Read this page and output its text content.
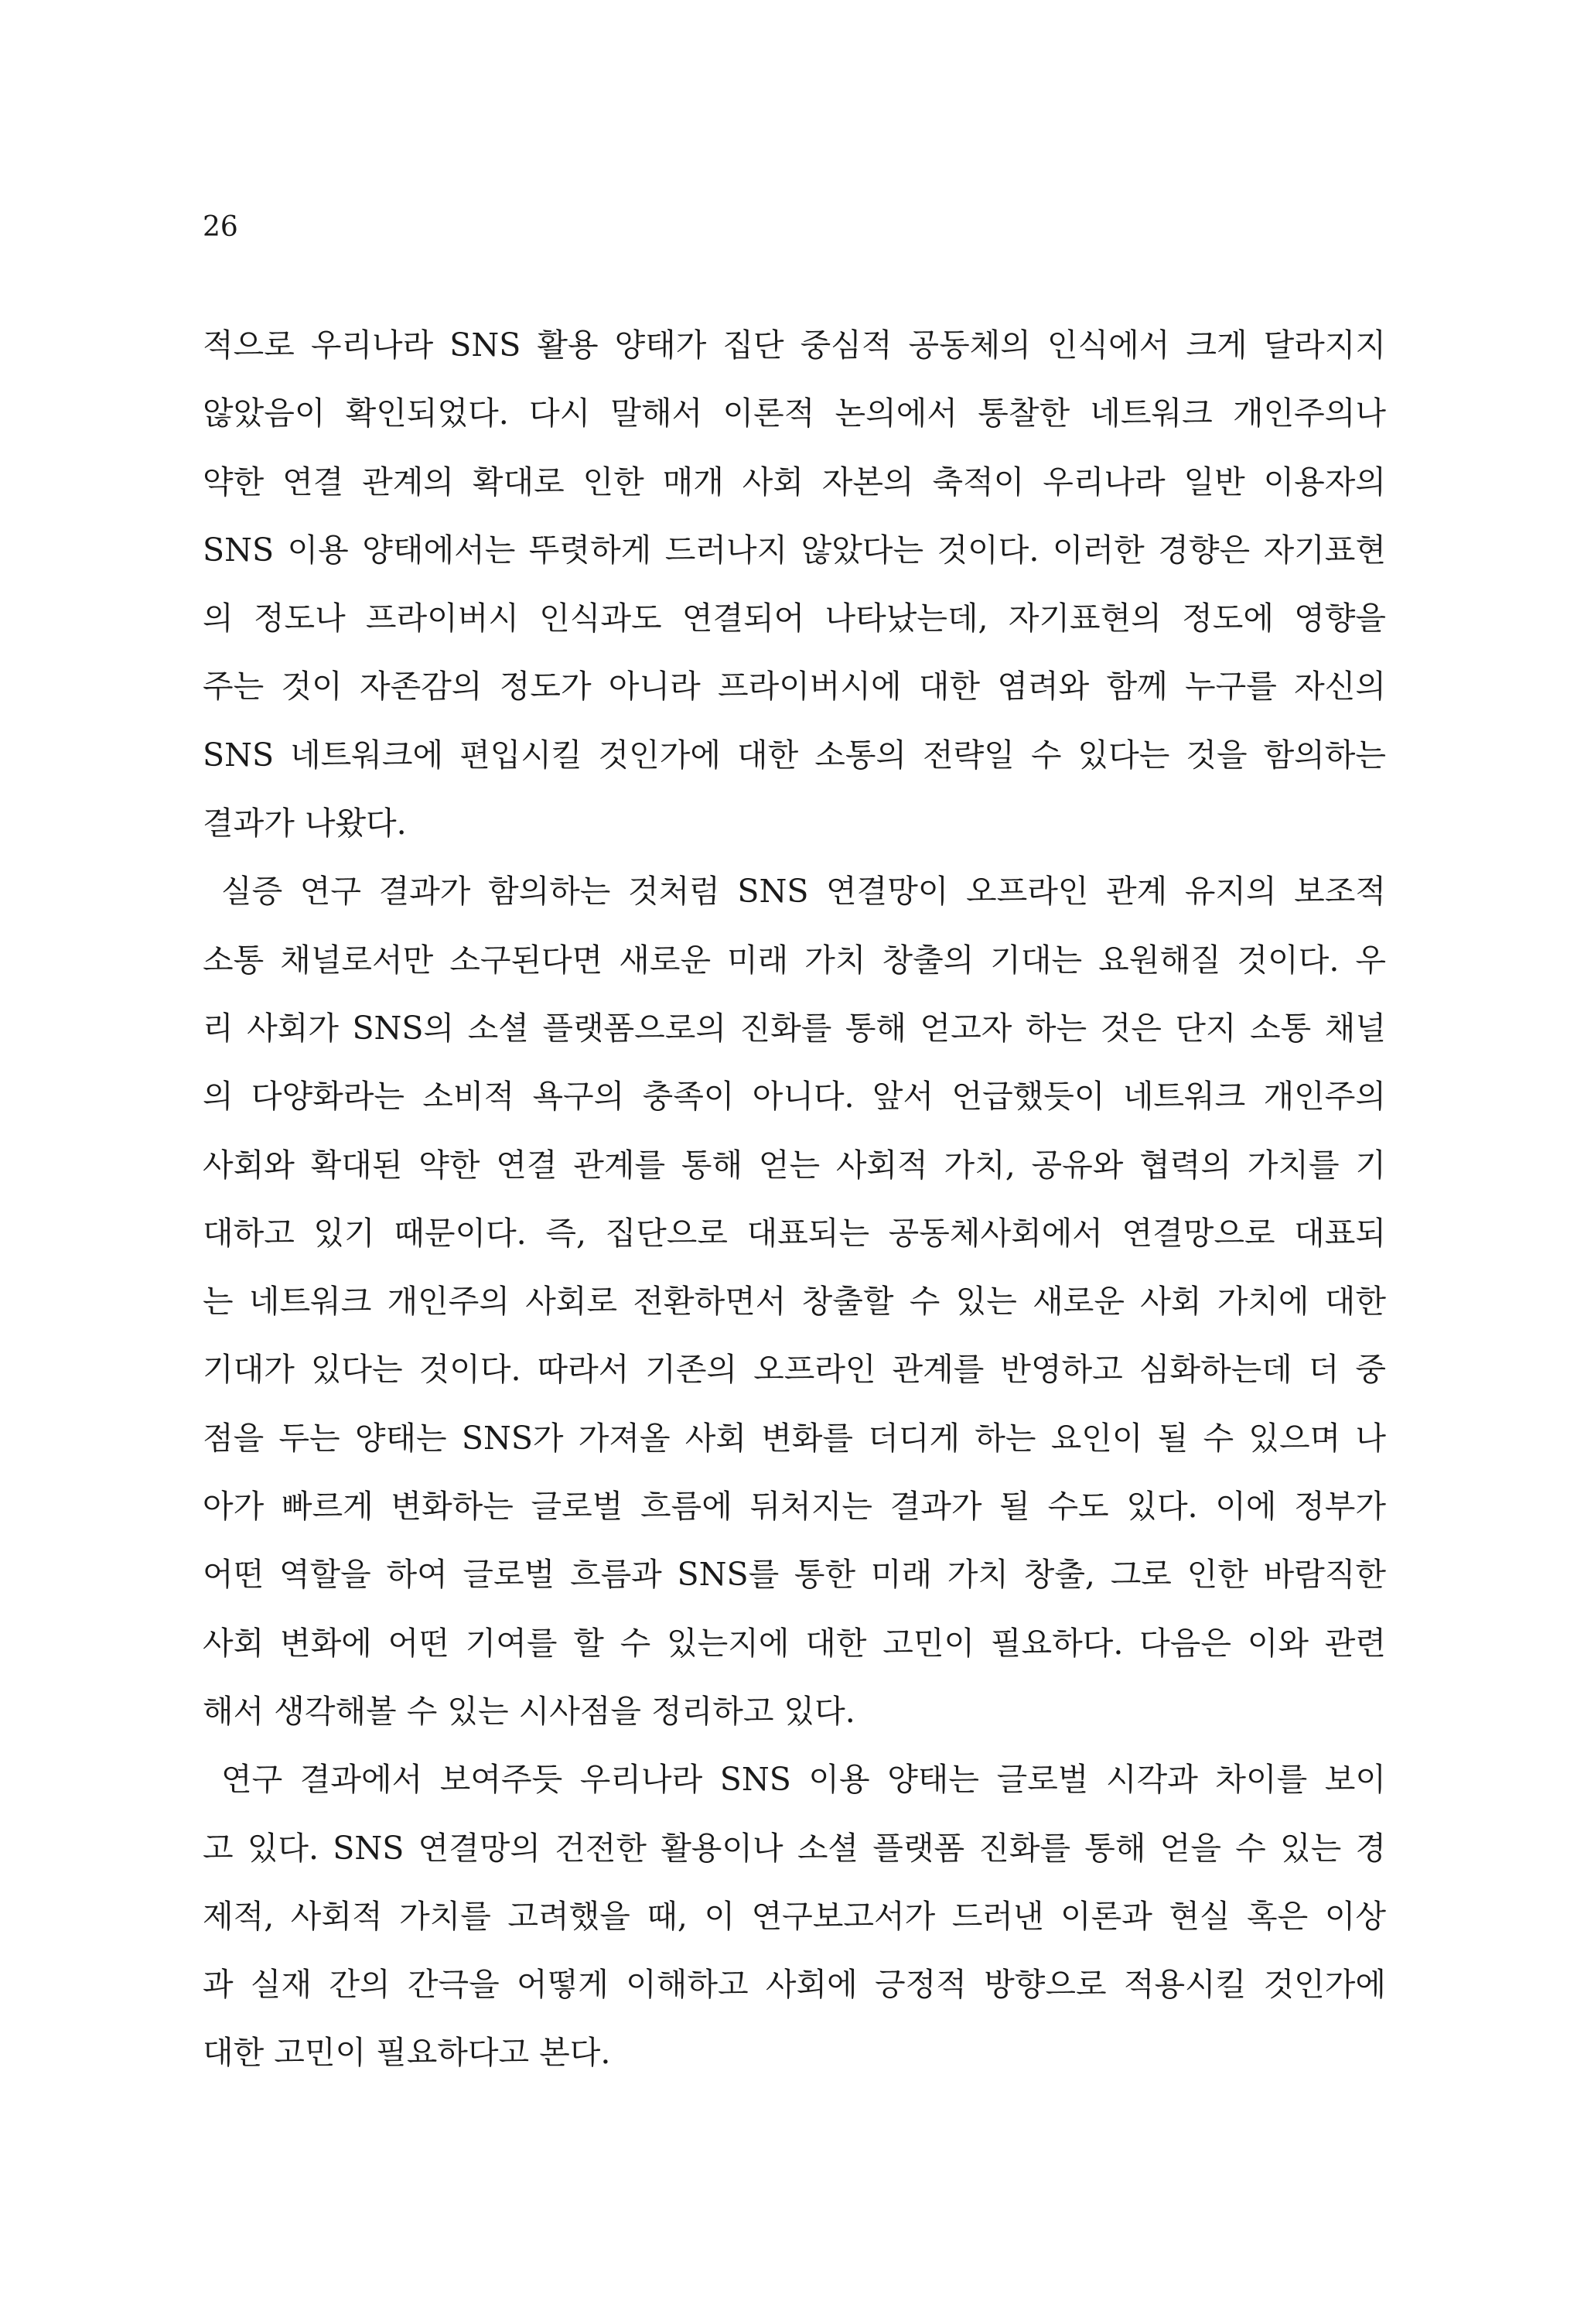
26
적으로 우리나라 SNS 활용 양태가 집단 중심적 공동체의 인식에서 크게 달라지지
않았음이 확인되었다. 다시 말해서 이론적 논의에서 통찰한 네트워크 개인주의나
약한 연결 관계의 확대로 인한 매개 사회 자본의 축적이 우리나라 일반 이용자의
SNS 이용 양태에서는 뚜렷하게 드러나지 않았다는 것이다. 이러한 경향은 자기표현
의 정도나 프라이버시 인식과도 연결되어 나타났는데, 자기표현의 정도에 영향을
주는 것이 자존감의 정도가 아니라 프라이버시에 대한 염려와 함께 누구를 자신의
SNS 네트워크에 편입시킬 것인가에 대한 소통의 전략일 수 있다는 것을 함의하는
결과가 나왔다.
실증 연구 결과가 함의하는 것처럼 SNS 연결망이 오프라인 관계 유지의 보조적
소통 채널로서만 소구된다면 새로운 미래 가치 창출의 기대는 요원해질 것이다. 우
리 사회가 SNS의 소셜 플랫폼으로의 진화를 통해 얻고자 하는 것은 단지 소통 채널
의 다양화라는 소비적 욕구의 충족이 아니다. 앞서 언급했듯이 네트워크 개인주의
사회와 확대된 약한 연결 관계를 통해 얻는 사회적 가치, 공유와 협력의 가치를 기
대하고 있기 때문이다. 즉, 집단으로 대표되는 공동체사회에서 연결망으로 대표되
는 네트워크 개인주의 사회로 전환하면서 창출할 수 있는 새로운 사회 가치에 대한
기대가 있다는 것이다. 따라서 기존의 오프라인 관계를 반영하고 심화하는데 더 중
점을 두는 양태는 SNS가 가져올 사회 변화를 더디게 하는 요인이 될 수 있으며 나
아가 빠르게 변화하는 글로벌 흐름에 뒤처지는 결과가 될 수도 있다. 이에 정부가
어떤 역할을 하여 글로벌 흐름과 SNS를 통한 미래 가치 창출, 그로 인한 바람직한
사회 변화에 어떤 기여를 할 수 있는지에 대한 고민이 필요하다. 다음은 이와 관련
해서 생각해볼 수 있는 시사점을 정리하고 있다.
연구 결과에서 보여주듯 우리나라 SNS 이용 양태는 글로벌 시각과 차이를 보이
고 있다. SNS 연결망의 건전한 활용이나 소셜 플랫폼 진화를 통해 얻을 수 있는 경
제적, 사회적 가치를 고려했을 때, 이 연구보고서가 드러낸 이론과 현실 혹은 이상
과 실재 간의 간극을 어떻게 이해하고 사회에 긍정적 방향으로 적용시킬 것인가에
대한 고민이 필요하다고 본다.
